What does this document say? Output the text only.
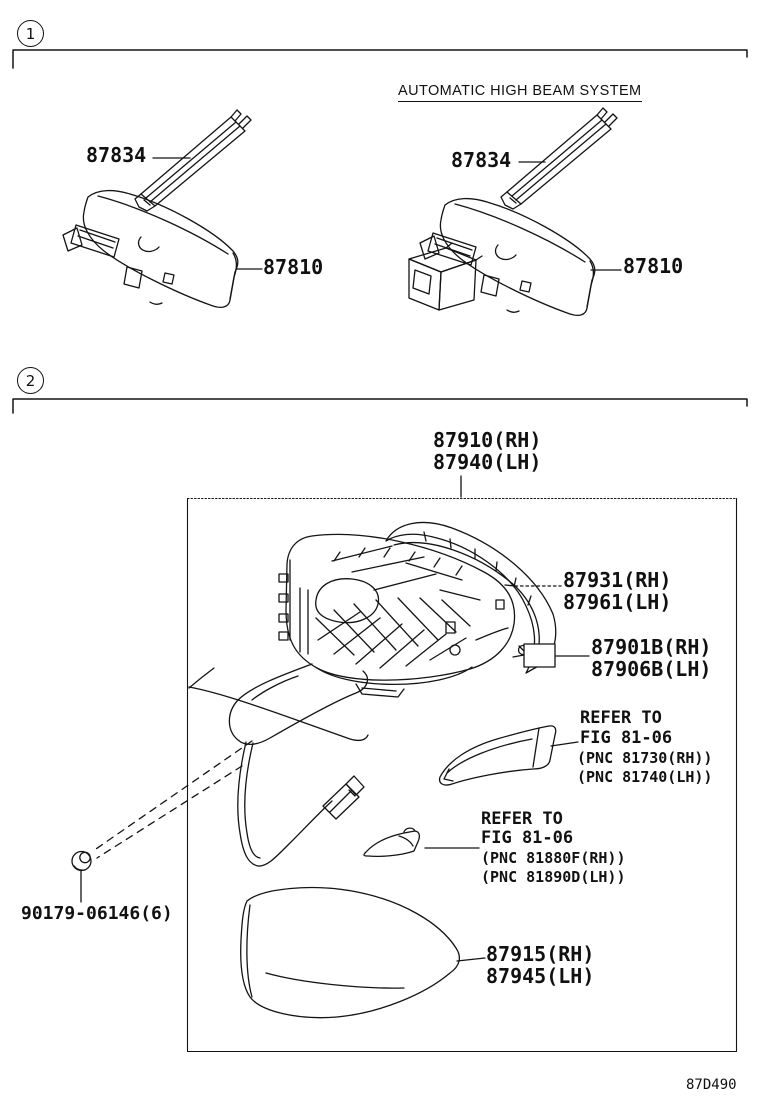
1
2
AUTOMATIC HIGH BEAM SYSTEM
87834
87810
87834
87810
87910(RH)
87940(LH)
87931(RH)
87961(LH)
87901B(RH)
87906B(LH)
REFER TO
FIG 81-06
(PNC 81730(RH))
(PNC 81740(LH))
REFER TO
FIG 81-06
(PNC 81880F(RH))
(PNC 81890D(LH))
90179-06146(6)
87915(RH)
87945(LH)
87D490
